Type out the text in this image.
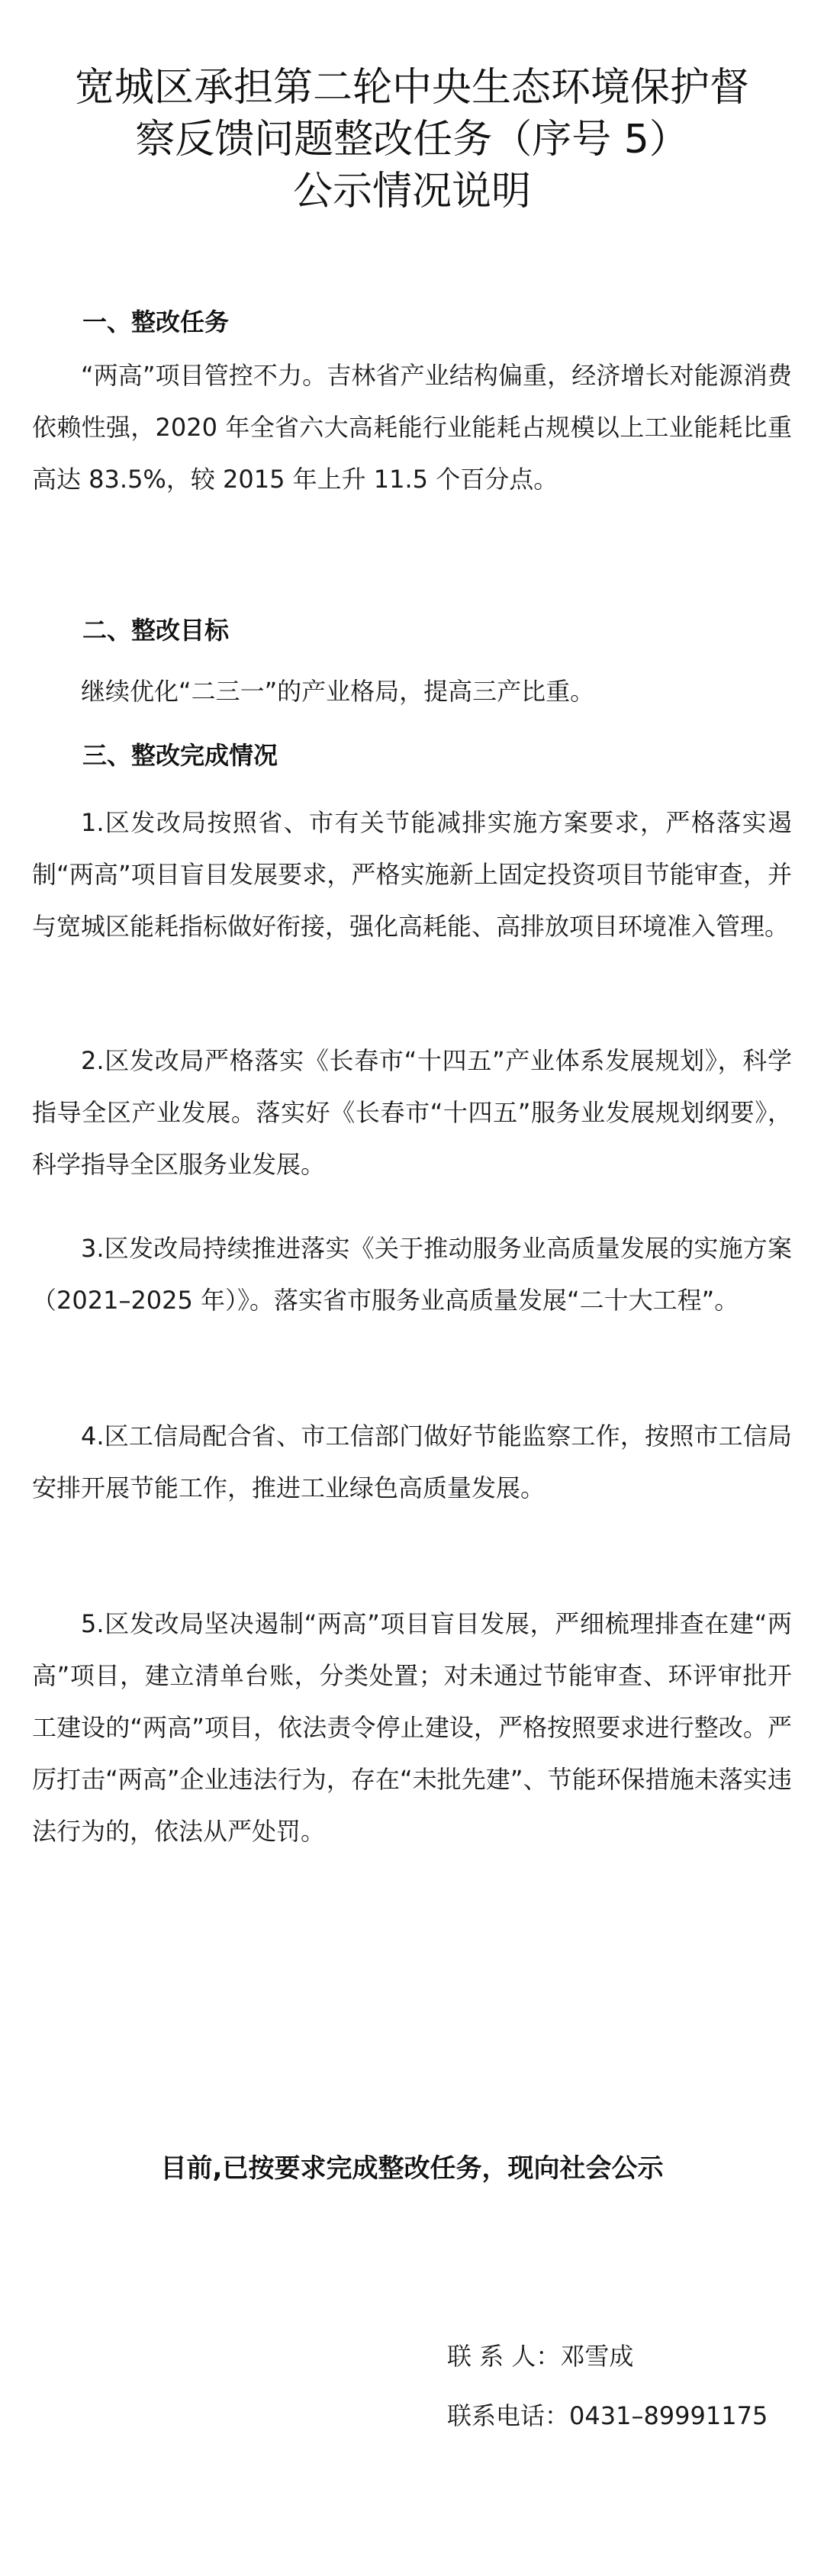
宽城区承担第二轮中央生态环境保护督
察反馈问题整改任务（序号 5）
公示情况说明
一、整改任务

“两高”项目管控不力。吉林省产业结构偏重，经济增长对能源消费依赖性强，2020 年全省六大高耗能行业能耗占规模以上工业能耗比重高达 83.5%，较 2015 年上升 11.5 个百分点。

二、整改目标

继续优化“二三一”的产业格局，提高三产比重。

三、整改完成情况

1.区发改局按照省、市有关节能减排实施方案要求，严格落实遏制“两高”项目盲目发展要求，严格实施新上固定投资项目节能审查，并与宽城区能耗指标做好衔接，强化高耗能、高排放项目环境准入管理。

2.区发改局严格落实《长春市“十四五”产业体系发展规划》，科学指导全区产业发展。落实好《长春市“十四五”服务业发展规划纲要》，科学指导全区服务业发展。

3.区发改局持续推进落实《关于推动服务业高质量发展的实施方案（2021–2025 年）》。落实省市服务业高质量发展“二十大工程”。

4.区工信局配合省、市工信部门做好节能监察工作，按照市工信局安排开展节能工作，推进工业绿色高质量发展。

5.区发改局坚决遏制“两高”项目盲目发展，严细梳理排查在建“两高”项目，建立清单台账，分类处置；对未通过节能审查、环评审批开工建设的“两高”项目，依法责令停止建设，严格按照要求进行整改。严厉打击“两高”企业违法行为，存在“未批先建”、节能环保措施未落实违法行为的，依法从严处罚。

目前,已按要求完成整改任务，现向社会公示

联 系 人：邓雪成

联系电话：0431–89991175
